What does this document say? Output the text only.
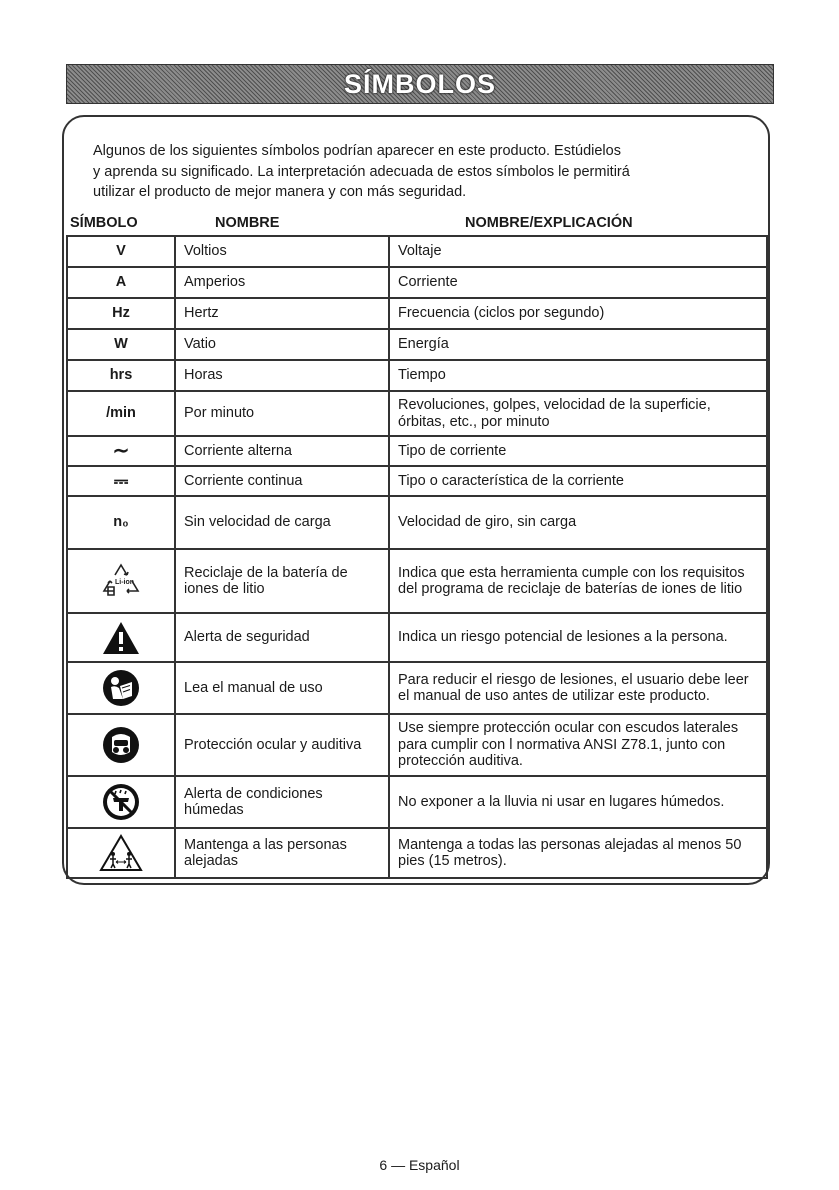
SÍMBOLOS

Algunos de los siguientes símbolos podrían aparecer en este producto. Estúdielos

y aprenda su significado. La interpretación adecuada de estos símbolos le permitirá

utilizar el producto de mejor manera y con más seguridad.

SÍMBOLO	NOMBRE	NOMBRE/EXPLICACIÓN
V	Voltios	Voltaje
A	Amperios	Corriente
Hz	Hertz	Frecuencia (ciclos por segundo)
W	Vatio	Energía
hrs	Horas	Tiempo
/min	Por minuto	Revoluciones, golpes, velocidad de la superficie, órbitas, etc., por minuto
∼	Corriente alterna	Tipo de corriente
⎓	Corriente continua	Tipo o característica de la corriente
n₀	Sin velocidad de carga	Velocidad de giro, sin carga

Li-ion	Reciclaje de la batería de iones de litio	Indica que esta herramienta cumple con los requisitos del programa de reciclaje de baterías de iones de litio

	Alerta de seguridad	Indica un riesgo potencial de lesiones a la persona.

	Lea el manual de uso	Para reducir el riesgo de lesiones, el usuario debe leer el manual de uso antes de utilizar este producto.

	Protección ocular y auditiva	Use siempre protección ocular con escudos laterales para cumplir con l normativa ANSI Z78.1, junto con protección auditiva.

	Alerta de condiciones húmedas	No exponer a la lluvia ni usar en lugares húmedos.

	Mantenga a las personas alejadas	Mantenga a todas las personas alejadas al menos 50 pies (15 metros).
6 — Español
